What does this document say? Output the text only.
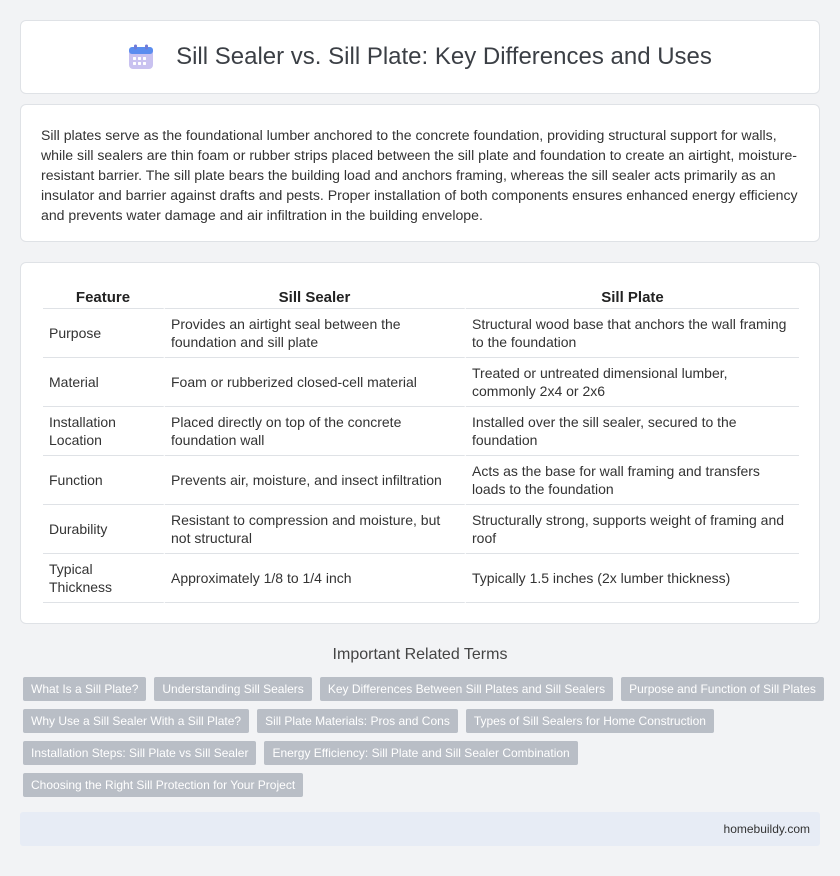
Sill Sealer vs. Sill Plate: Key Differences and Uses

Sill plates serve as the foundational lumber anchored to the concrete foundation, providing structural support for walls, while sill sealers are thin foam or rubber strips placed between the sill plate and foundation to create an airtight, moisture-resistant barrier. The sill plate bears the building load and anchors framing, whereas the sill sealer acts primarily as an insulator and barrier against drafts and pests. Proper installation of both components ensures enhanced energy efficiency and prevents water damage and air infiltration in the building envelope.

Feature	Sill Sealer	Sill Plate
Purpose	Provides an airtight seal between the foundation and sill plate	Structural wood base that anchors the wall framing to the foundation
Material	Foam or rubberized closed-cell material	Treated or untreated dimensional lumber, commonly 2x4 or 2x6
Installation Location	Placed directly on top of the concrete foundation wall	Installed over the sill sealer, secured to the foundation
Function	Prevents air, moisture, and insect infiltration	Acts as the base for wall framing and transfers loads to the foundation
Durability	Resistant to compression and moisture, but not structural	Structurally strong, supports weight of framing and roof
Typical Thickness	Approximately 1/8 to 1/4 inch	Typically 1.5 inches (2x lumber thickness)
Important Related Terms
What Is a Sill Plate?	Understanding Sill Sealers	Key Differences Between Sill Plates and Sill Sealers	Purpose and Function of Sill Plates
Why Use a Sill Sealer With a Sill Plate?	Sill Plate Materials: Pros and Cons	Types of Sill Sealers for Home Construction
Installation Steps: Sill Plate vs Sill Sealer	Energy Efficiency: Sill Plate and Sill Sealer Combination
Choosing the Right Sill Protection for Your Project
homebuildy.com
